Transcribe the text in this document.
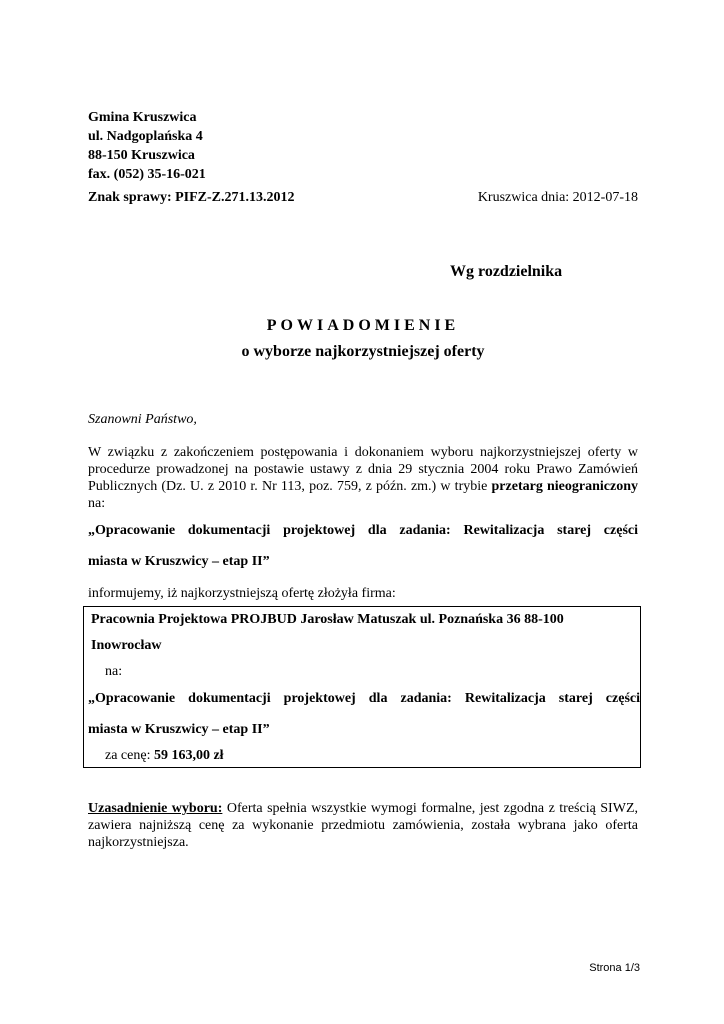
Gmina Kruszwica
ul. Nadgoplańska 4
88-150 Kruszwica
fax. (052) 35-16-021
Znak sprawy: PIFZ-Z.271.13.2012	Kruszwica dnia: 2012-07-18
Wg rozdzielnika
POWIADOMIENIE
o wyborze najkorzystniejszej oferty
Szanowni Państwo,
W związku z zakończeniem postępowania i dokonaniem wyboru najkorzystniejszej oferty w procedurze prowadzonej na postawie ustawy z dnia 29 stycznia 2004 roku Prawo Zamówień Publicznych (Dz. U. z 2010 r. Nr 113, poz. 759, z późn. zm.) w trybie przetarg nieograniczony na:
„Opracowanie dokumentacji projektowej dla zadania: Rewitalizacja starej części
miasta w Kruszwicy – etap II”
informujemy, iż najkorzystniejszą ofertę złożyła firma:
Pracownia Projektowa PROJBUD Jarosław Matuszak ul. Poznańska 36 88-100
Inowrocław
na:
„Opracowanie dokumentacji projektowej dla zadania: Rewitalizacja starej części
miasta w Kruszwicy – etap II”
za cenę: 59 163,00 zł
Uzasadnienie wyboru: Oferta spełnia wszystkie wymogi formalne, jest zgodna z treścią SIWZ, zawiera najniższą cenę za wykonanie przedmiotu zamówienia, została wybrana jako oferta najkorzystniejsza.
Strona 1/3
